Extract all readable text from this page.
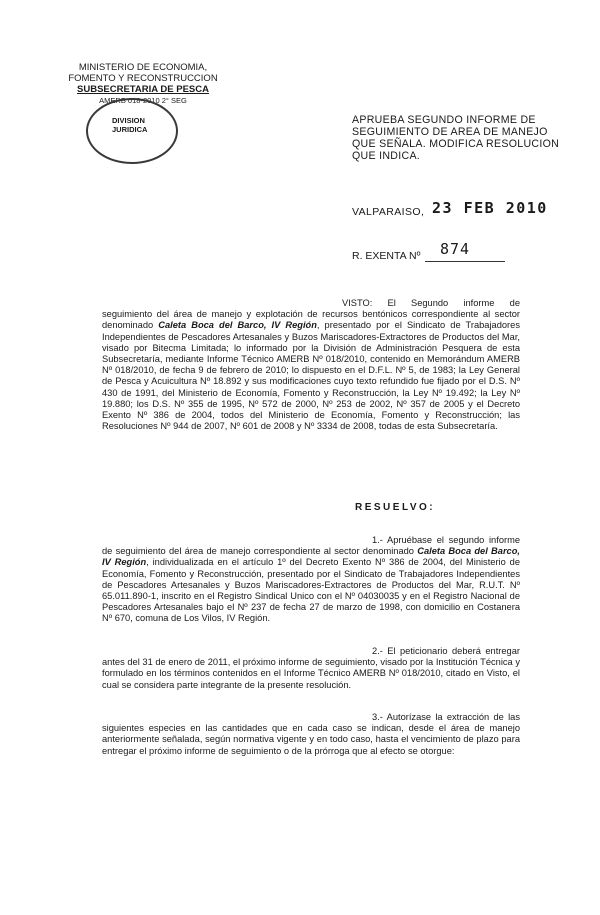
MINISTERIO DE ECONOMIA,
FOMENTO Y RECONSTRUCCION
SUBSECRETARIA DE PESCA
AMERB 018-2010 2° SEG
DIVISION
JURIDICA
APRUEBA SEGUNDO INFORME DE SEGUIMIENTO DE AREA DE MANEJO QUE SEÑALA. MODIFICA RESOLUCION QUE INDICA.
VALPARAISO, 23 FEB 2010
R. EXENTA Nº 874
VISTO: El Segundo informe de seguimiento del área de manejo y explotación de recursos bentónicos correspondiente al sector denominado Caleta Boca del Barco, IV Región, presentado por el Sindicato de Trabajadores Independientes de Pescadores Artesanales y Buzos Mariscadores-Extractores de Productos del Mar, visado por Bitecma Limitada; lo informado por la División de Administración Pesquera de esta Subsecretaría, mediante Informe Técnico AMERB Nº 018/2010, contenido en Memorándum AMERB Nº 018/2010, de fecha 9 de febrero de 2010; lo dispuesto en el D.F.L. Nº 5, de 1983; la Ley General de Pesca y Acuicultura Nº 18.892 y sus modificaciones cuyo texto refundido fue fijado por el D.S. Nº 430 de 1991, del Ministerio de Economía, Fomento y Reconstrucción, la Ley Nº 19.492; la Ley Nº 19.880; los D.S. Nº 355 de 1995, Nº 572 de 2000, Nº 253 de 2002, Nº 357 de 2005 y el Decreto Exento Nº 386 de 2004, todos del Ministerio de Economía, Fomento y Reconstrucción; las Resoluciones Nº 944 de 2007, Nº 601 de 2008 y Nº 3334 de 2008, todas de esta Subsecretaría.
RESUELVO:
1.- Apruébase el segundo informe de seguimiento del área de manejo correspondiente al sector denominado Caleta Boca del Barco, IV Región, individualizada en el artículo 1º del Decreto Exento Nº 386 de 2004, del Ministerio de Economía, Fomento y Reconstrucción, presentado por el Sindicato de Trabajadores Independientes de Pescadores Artesanales y Buzos Mariscadores-Extractores de Productos del Mar, R.U.T. Nº 65.011.890-1, inscrito en el Registro Sindical Unico con el Nº 04030035 y en el Registro Nacional de Pescadores Artesanales bajo el Nº 237 de fecha 27 de marzo de 1998, con domicilio en Costanera Nº 670, comuna de Los Vilos, IV Región.
2.- El peticionario deberá entregar antes del 31 de enero de 2011, el próximo informe de seguimiento, visado por la Institución Técnica y formulado en los términos contenidos en el Informe Técnico AMERB Nº 018/2010, citado en Visto, el cual se considera parte integrante de la presente resolución.
3.- Autorízase la extracción de las siguientes especies en las cantidades que en cada caso se indican, desde el área de manejo anteriormente señalada, según normativa vigente y en todo caso, hasta el vencimiento de plazo para entregar el próximo informe de seguimiento o de la prórroga que al efecto se otorgue:
